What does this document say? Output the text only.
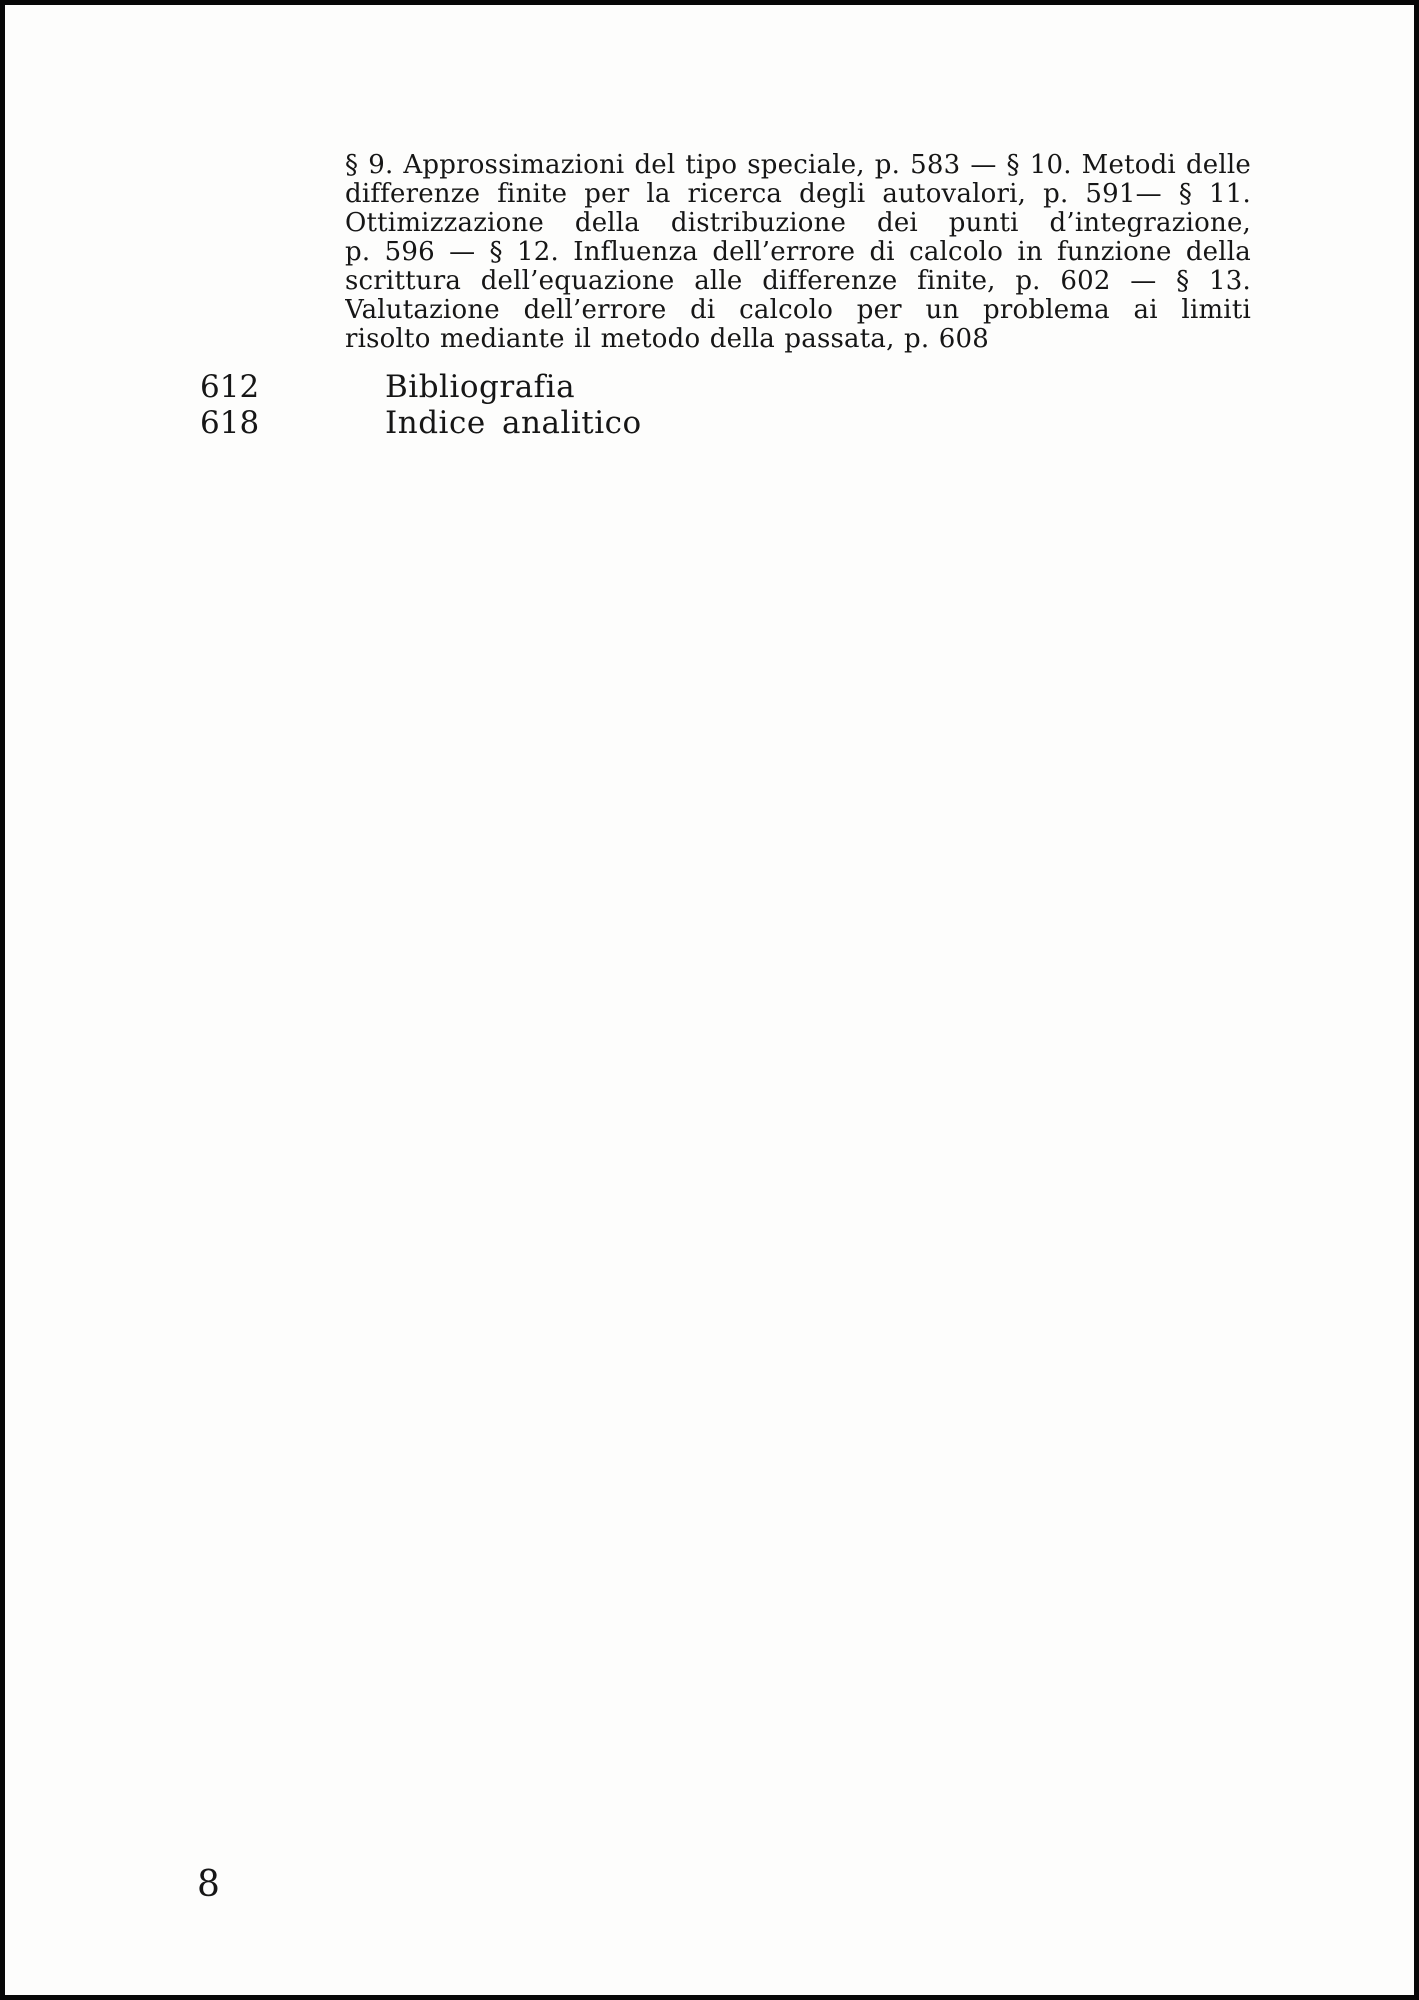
§ 9. Approssimazioni del tipo speciale, p. 583 — § 10. Metodi delle
differenze finite per la ricerca degli autovalori, p. 591— § 11.
Ottimizzazione della distribuzione dei punti d’integrazione,
p. 596 — § 12. Influenza dell’errore di calcolo in funzione della
scrittura dell’equazione alle differenze finite, p. 602 — § 13.
Valutazione dell’errore di calcolo per un problema ai limiti
risolto mediante il metodo della passata, p. 608
612	Bibliografia
618	Indice analitico
8
